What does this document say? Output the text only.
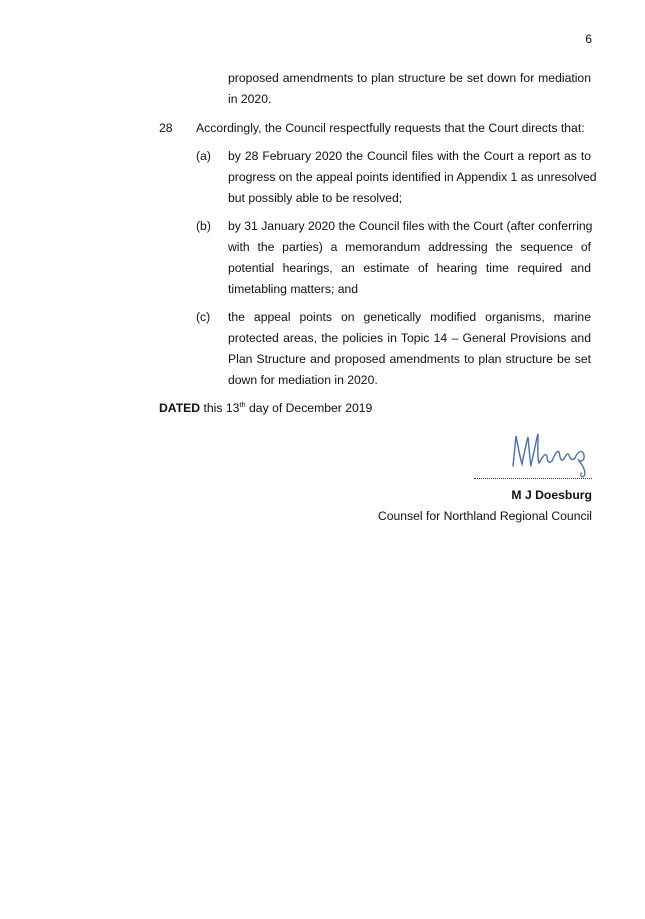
6
proposed amendments to plan structure be set down for mediation
in 2020.
28 Accordingly, the Council respectfully requests that the Court directs that:
(a) by 28 February 2020 the Council files with the Court a report as to
progress on the appeal points identified in Appendix 1 as unresolved
but possibly able to be resolved;
(b) by 31 January 2020 the Council files with the Court (after conferring
with the parties) a memorandum addressing the sequence of
potential hearings, an estimate of hearing time required and
timetabling matters; and
(c) the appeal points on genetically modified organisms, marine
protected areas, the policies in Topic 14 – General Provisions and
Plan Structure and proposed amendments to plan structure be set
down for mediation in 2020.
DATED this 13th day of December 2019
M J Doesburg
Counsel for Northland Regional Council
